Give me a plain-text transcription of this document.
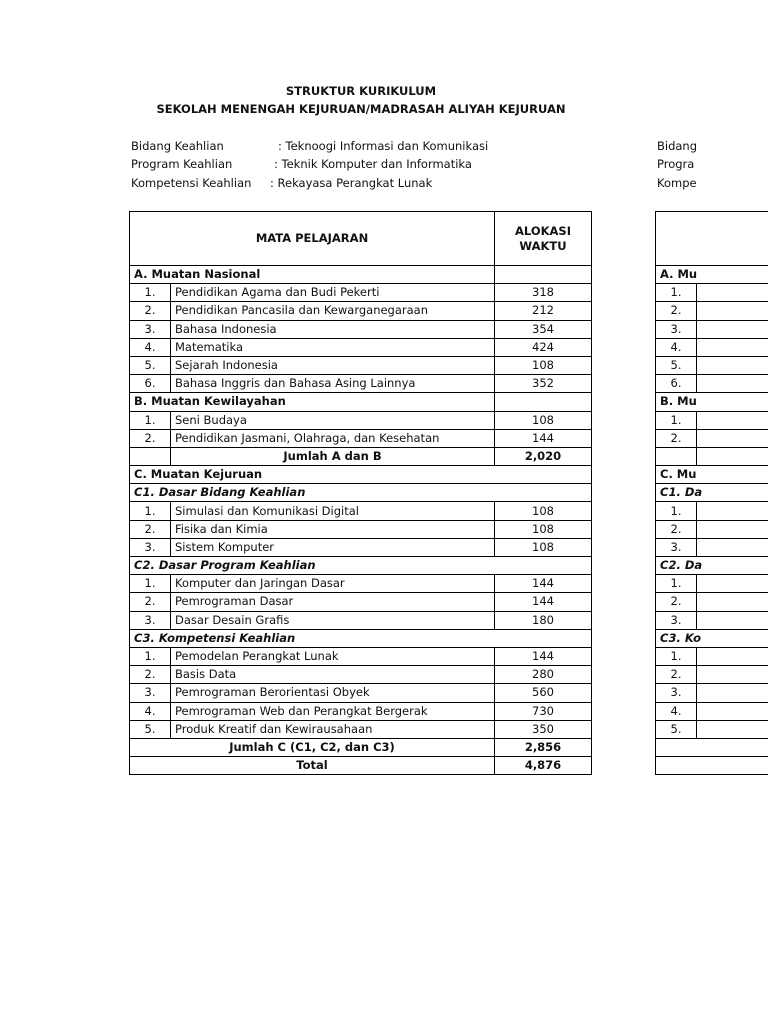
STRUKTUR KURIKULUM
SEKOLAH MENENGAH KEJURUAN/MADRASAH ALIYAH KEJURUAN
Bidang Keahlian	: Teknoogi Informasi dan Komunikasi
Program Keahlian	: Teknik Komputer dan Informatika
Kompetensi Keahlian : Rekayasa Perangkat Lunak
MATA PELAJARAN		ALOKASI WAKTU
A. Muatan Nasional		
1.	Pendidikan Agama dan Budi Pekerti	318
2.	Pendidikan Pancasila dan Kewarganegaraan	212
3.	Bahasa Indonesia	354
4.	Matematika	424
5.	Sejarah Indonesia	108
6.	Bahasa Inggris dan Bahasa Asing Lainnya	352
B. Muatan Kewilayahan		
1.	Seni Budaya	108
2.	Pendidikan Jasmani, Olahraga, dan Kesehatan	144
	Jumlah A dan B	2,020
C. Muatan Kejuruan		
C1. Dasar Bidang Keahlian		
1.	Simulasi dan Komunikasi Digital	108
2.	Fisika dan Kimia	108
3.	Sistem Komputer	108
C2. Dasar Program Keahlian		
1.	Komputer dan Jaringan Dasar	144
2.	Pemrograman Dasar	144
3.	Dasar Desain Grafis	180
C3. Kompetensi Keahlian		
1.	Pemodelan Perangkat Lunak	144
2.	Basis Data	280
3.	Pemrograman Berorientasi Obyek	560
4.	Pemrograman Web dan Perangkat Bergerak	730
5.	Produk Kreatif dan Kewirausahaan	350
Jumlah C (C1, C2, dan C3)		2,856
Total		4,876
Bidang
Progra
Kompe

A. Mu		
1.		
2.		
3.		
4.		
5.		
6.		
B. Mu		
1.		
2.		

C. Mu		
C1. Da		
1.		
2.		
3.		
C2. Da		
1.		
2.		
3.		
C3. Ko		
1.		
2.		
3.		
4.		
5.		
